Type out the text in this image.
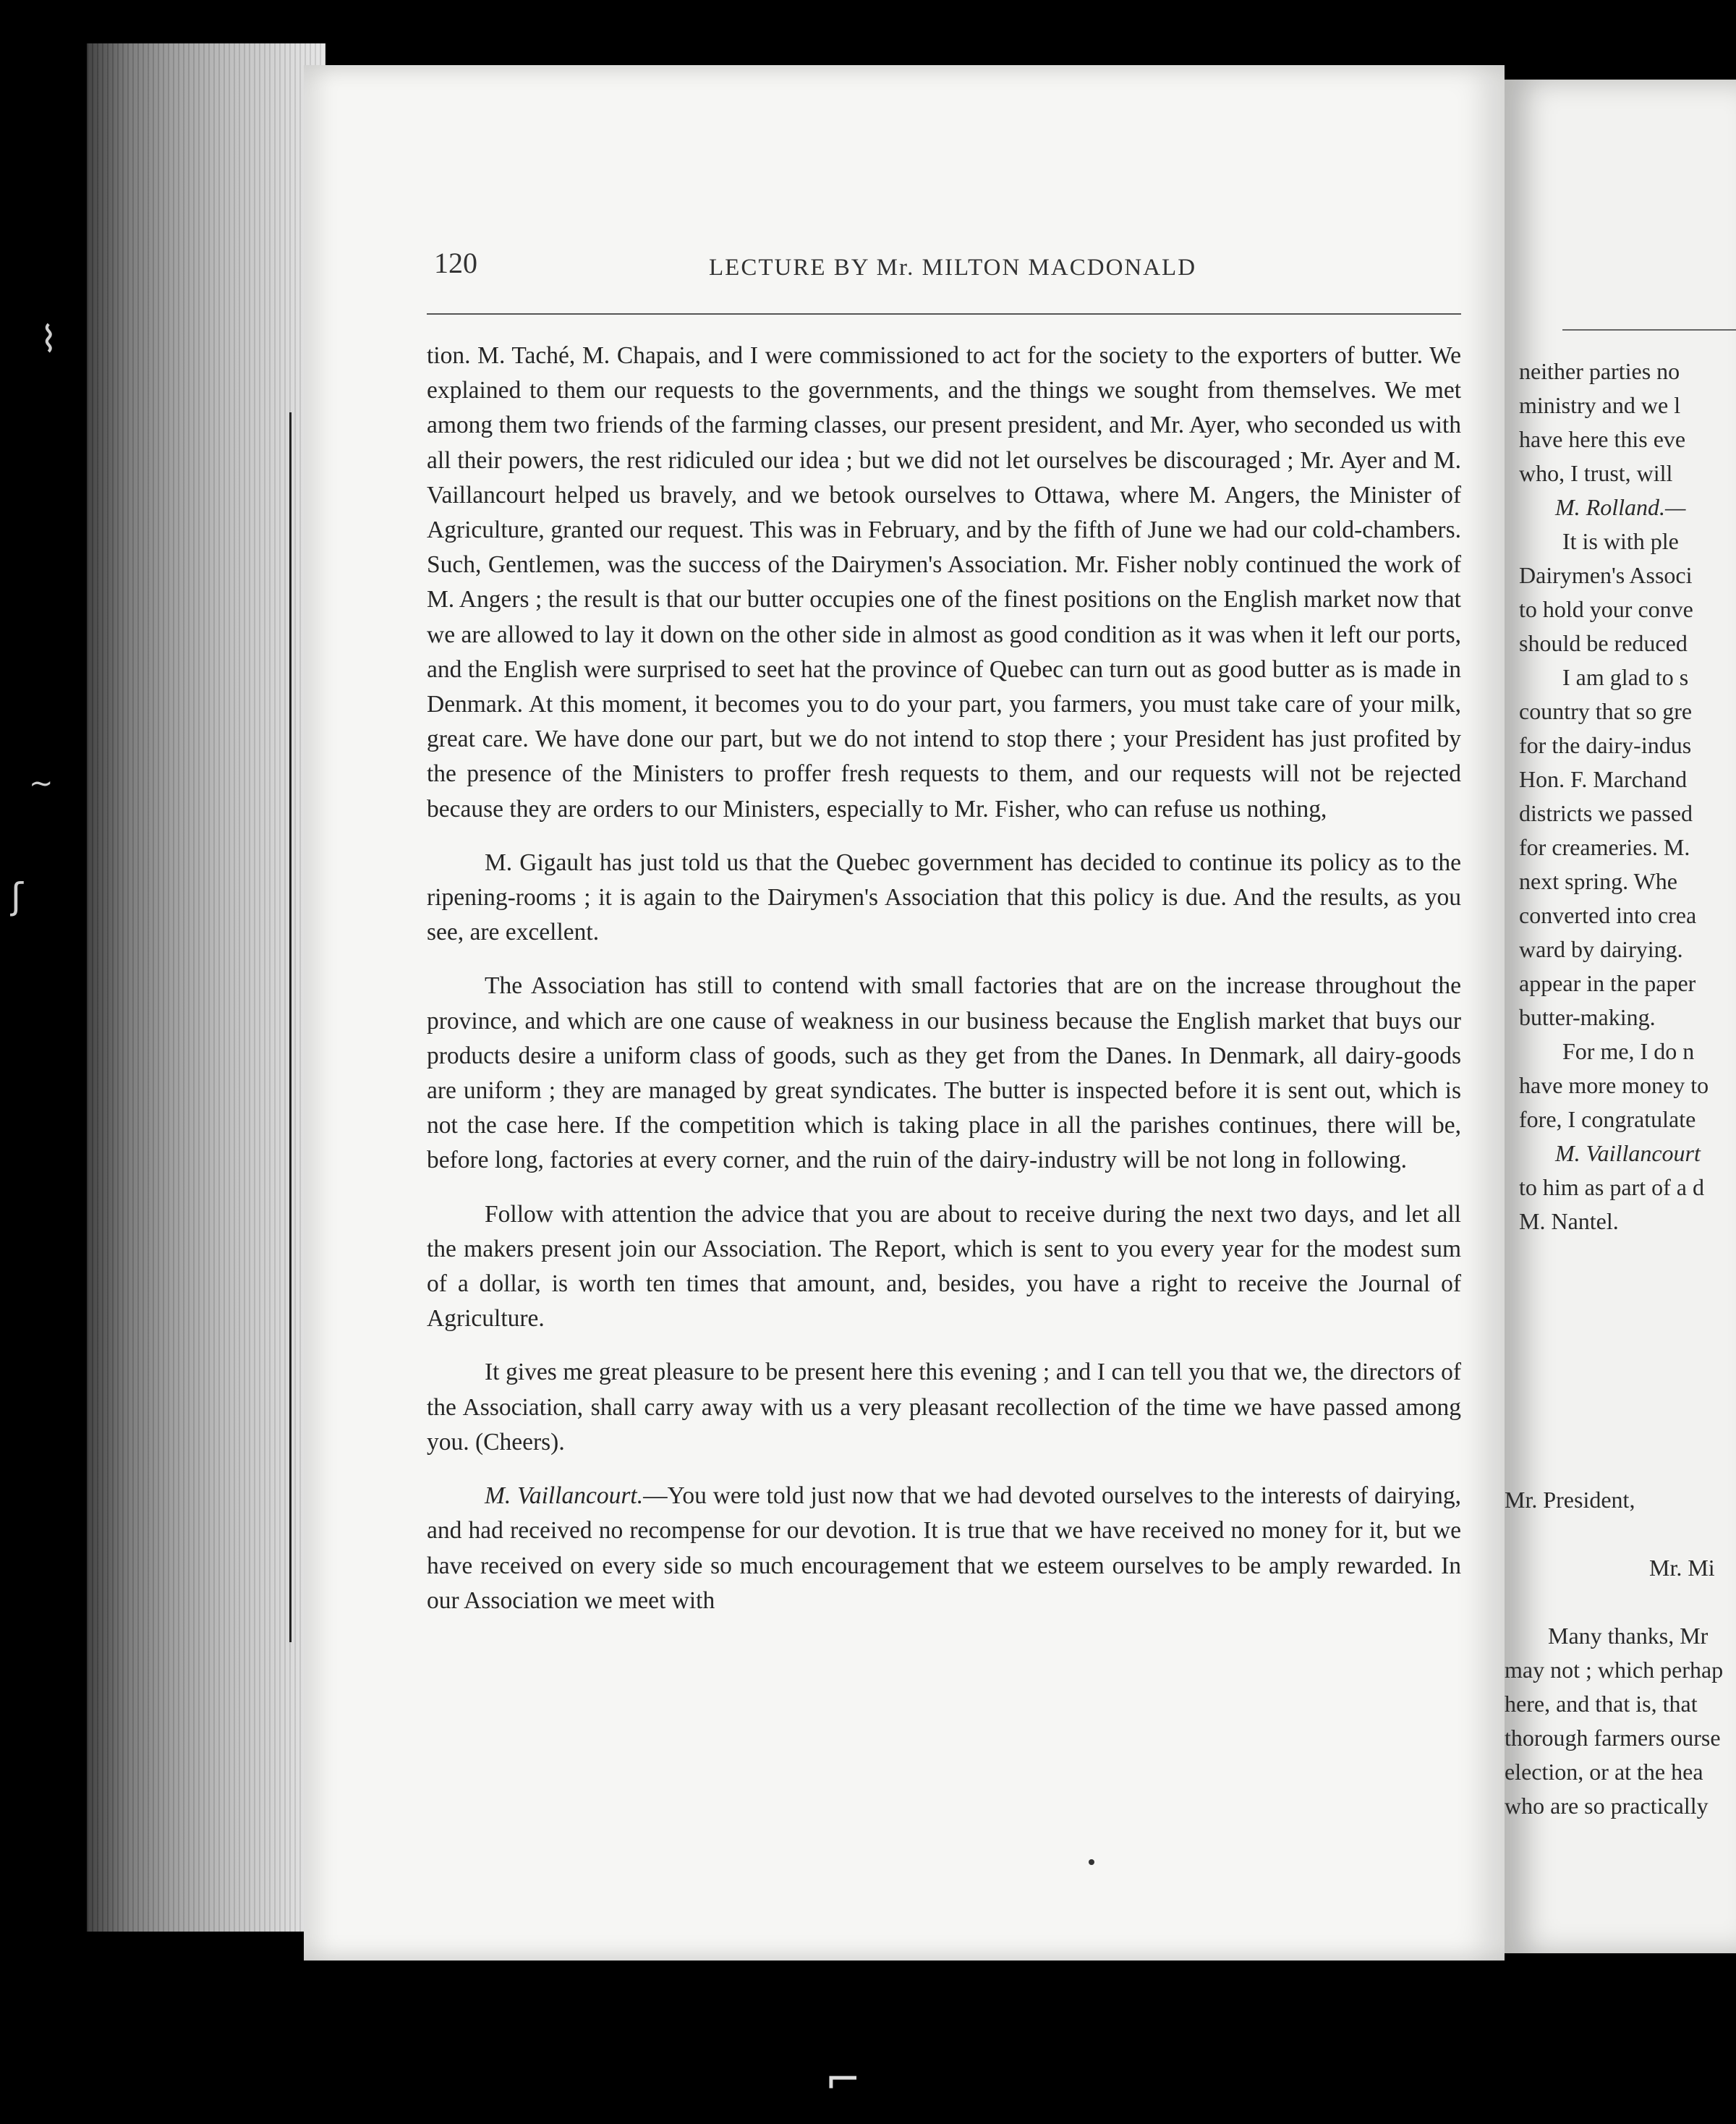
120	LECTURE BY Mr. MILTON MACDONALD

tion. M. Taché, M. Chapais, and I were commissioned to act for the society to the exporters of butter. We explained to them our requests to the governments, and the things we sought from themselves. We met among them two friends of the farming classes, our present president, and Mr. Ayer, who seconded us with all their powers, the rest ridiculed our idea ; but we did not let ourselves be discouraged ; Mr. Ayer and M. Vaillancourt helped us bravely, and we betook ourselves to Ottawa, where M. Angers, the Minister of Agriculture, granted our request. This was in February, and by the fifth of June we had our cold-chambers. Such, Gentlemen, was the success of the Dairymen's Association. Mr. Fisher nobly continued the work of M. Angers ; the result is that our butter occupies one of the finest positions on the English market now that we are allowed to lay it down on the other side in almost as good condition as it was when it left our ports, and the English were surprised to seet hat the province of Quebec can turn out as good butter as is made in Denmark. At this moment, it becomes you to do your part, you farmers, you must take care of your milk, great care. We have done our part, but we do not intend to stop there ; your President has just profited by the presence of the Ministers to proffer fresh requests to them, and our requests will not be rejected because they are orders to our Ministers, especially to Mr. Fisher, who can refuse us nothing,

M. Gigault has just told us that the Quebec government has decided to continue its policy as to the ripening-rooms ; it is again to the Dairymen's Association that this policy is due. And the results, as you see, are excellent.

The Association has still to contend with small factories that are on the increase throughout the province, and which are one cause of weakness in our business because the English market that buys our products desire a uniform class of goods, such as they get from the Danes. In Denmark, all dairy-goods are uniform ; they are managed by great syndicates. The butter is inspected before it is sent out, which is not the case here. If the competition which is taking place in all the parishes continues, there will be, before long, factories at every corner, and the ruin of the dairy-industry will be not long in following.

Follow with attention the advice that you are about to receive during the next two days, and let all the makers present join our Association. The Report, which is sent to you every year for the modest sum of a dollar, is worth ten times that amount, and, besides, you have a right to receive the Journal of Agriculture.

It gives me great pleasure to be present here this evening ; and I can tell you that we, the directors of the Association, shall carry away with us a very pleasant recollection of the time we have passed among you. (Cheers).

M. Vaillancourt.—You were told just now that we had devoted ourselves to the interests of dairying, and had received no recompense for our devotion. It is true that we have received no money for it, but we have received on every side so much encouragement that we esteem ourselves to be amply rewarded. In our Association we meet with

neither parties no
ministry and we l
have here this eve
who, I trust, will
M. Rolland.—
It is with ple
Dairymen's Associ
to hold your conve
should be reduced
I am glad to s
country that so gre
for the dairy-indus
Hon. F. Marchand
districts we passed
for creameries. M.
next spring. Whe
converted into crea
ward by dairying.
appear in the paper
butter-making.
For me, I do n
have more money to
fore, I congratulate
M. Vaillancourt
to him as part of a d
M. Nantel.
Mr. President,

Mr. Mi

Many thanks, Mr
may not ; which perhap
here, and that is, that
thorough farmers ourse
election, or at the hea
who are so practically
⌇
~
ʃ
⌐
